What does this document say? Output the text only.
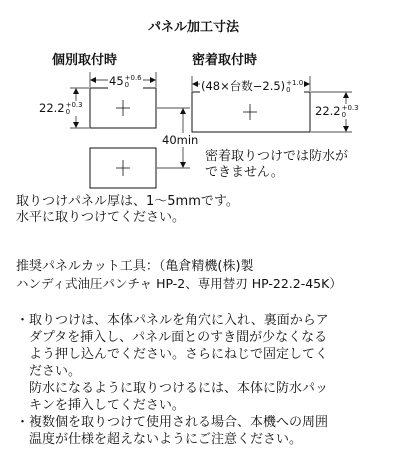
パネル加工寸法
個別取付時	密着取付時
45 +0.6
0
22.2 +0.3
0
40min
(48×台数−2.5) +1.0
0
22.2 +0.3
0
密着取りつけでは防水が
できません。
取りつけパネル厚は、1〜5mmです。
水平に取りつけてください。
推奨パネルカット工具：（亀倉精機(株)製
ハンディ式油圧パンチャ HP-2、専用替刃 HP-22.2-45K）
・取りつけは、本体パネルを角穴に入れ、裏面からア
　ダプタを挿入し、パネル面とのすき間が少なくなる
　よう押し込んでください。さらにねじで固定してく
　ださい。
　防水になるように取りつけるには、本体に防水パッ
　キンを挿入してください。
・複数個を取りつけて使用される場合、本機への周囲
　温度が仕様を超えないようにご注意ください。
